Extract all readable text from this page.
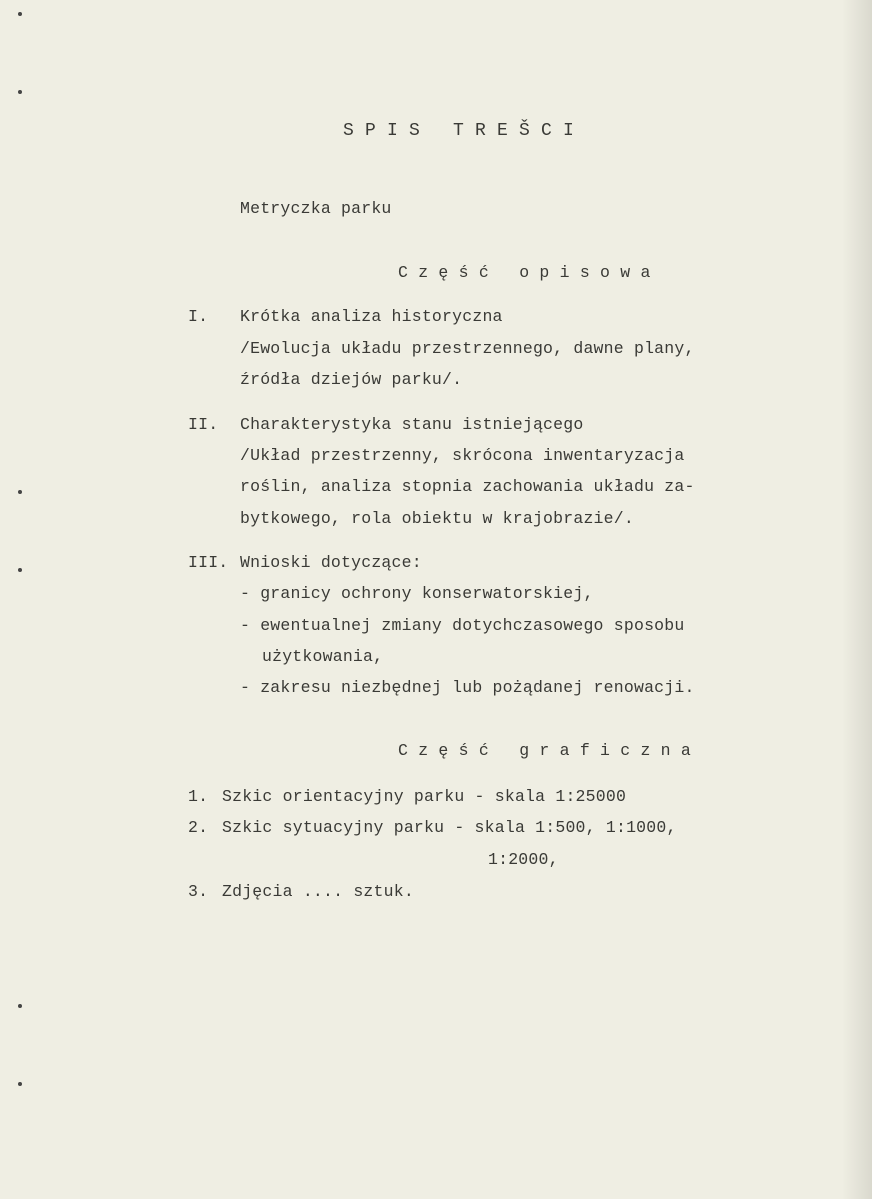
S P I S   T R E Š C I
Metryczka parku
C z ę ś ć   o p i s o w a
I. Krótka analiza historyczna
/Ewolucja układu przestrzennego, dawne plany,
źródła dziejów parku/.
II. Charakterystyka stanu istniejącego
/Układ przestrzenny, skrócona inwentaryzacja
roślin, analiza stopnia zachowania układu za-
bytkowego, rola obiektu w krajobrazie/.
III. Wnioski dotyczące:
- granicy ochrony konserwatorskiej,
- ewentualnej zmiany dotychczasowego sposobu
użytkowania,
- zakresu niezbędnej lub pożądanej renowacji.
C z ę ś ć   g r a f i c z n a
1. Szkic orientacyjny parku - skala 1:25000
2. Szkic sytuacyjny parku - skala 1:500, 1:1000,
1:2000,
3. Zdjęcia .... sztuk.
